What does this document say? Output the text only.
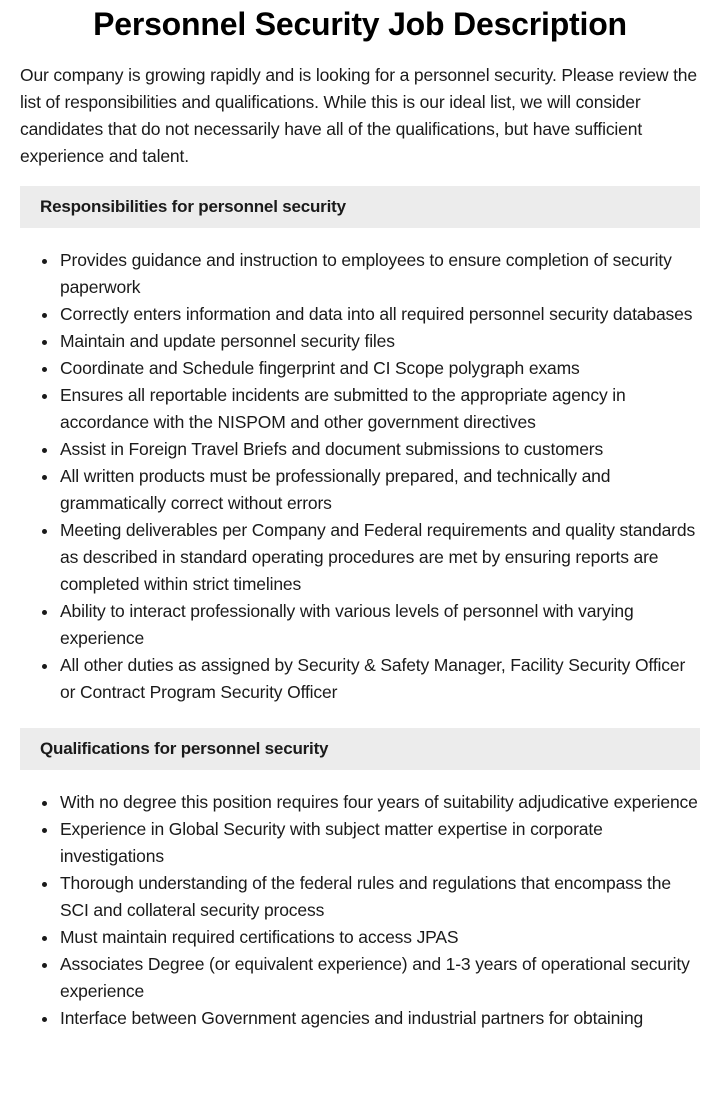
Personnel Security Job Description

Our company is growing rapidly and is looking for a personnel security. Please review the list of responsibilities and qualifications. While this is our ideal list, we will consider candidates that do not necessarily have all of the qualifications, but have sufficient experience and talent.

Responsibilities for personnel security
Provides guidance and instruction to employees to ensure completion of security paperwork
Correctly enters information and data into all required personnel security databases
Maintain and update personnel security files
Coordinate and Schedule fingerprint and CI Scope polygraph exams
Ensures all reportable incidents are submitted to the appropriate agency in accordance with the NISPOM and other government directives
Assist in Foreign Travel Briefs and document submissions to customers
All written products must be professionally prepared, and technically and grammatically correct without errors
Meeting deliverables per Company and Federal requirements and quality standards as described in standard operating procedures are met by ensuring reports are completed within strict timelines
Ability to interact professionally with various levels of personnel with varying experience
All other duties as assigned by Security & Safety Manager, Facility Security Officer or Contract Program Security Officer
Qualifications for personnel security
With no degree this position requires four years of suitability adjudicative experience
Experience in Global Security with subject matter expertise in corporate investigations
Thorough understanding of the federal rules and regulations that encompass the SCI and collateral security process
Must maintain required certifications to access JPAS
Associates Degree (or equivalent experience) and 1-3 years of operational security experience
Interface between Government agencies and industrial partners for obtaining
